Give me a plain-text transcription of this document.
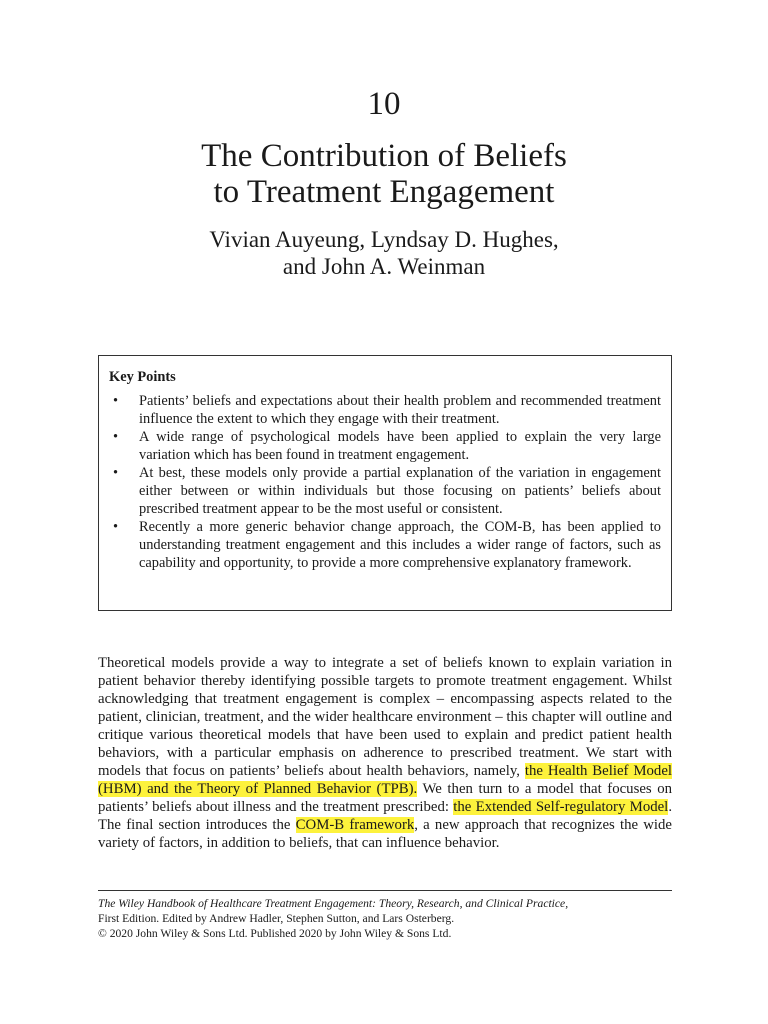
10
The Contribution of Beliefs
to Treatment Engagement
Vivian Auyeung, Lyndsay D. Hughes,
and John A. Weinman
Key Points
• Patients’ beliefs and expectations about their health problem and recommended treatment influence the extent to which they engage with their treatment.
• A wide range of psychological models have been applied to explain the very large variation which has been found in treatment engagement.
• At best, these models only provide a partial explanation of the variation in engagement either between or within individuals but those focusing on patients’ beliefs about prescribed treatment appear to be the most useful or consistent.
• Recently a more generic behavior change approach, the COM-B, has been applied to understanding treatment engagement and this includes a wider range of factors, such as capability and opportunity, to provide a more comprehensive explanatory framework.

Theoretical models provide a way to integrate a set of beliefs known to explain variation in patient behavior thereby identifying possible targets to promote treatment engagement. Whilst acknowledging that treatment engagement is complex – encompassing aspects related to the patient, clinician, treatment, and the wider healthcare environment – this chapter will outline and critique various theoretical models that have been used to explain and predict patient health behaviors, with a particular emphasis on adherence to prescribed treatment. We start with models that focus on patients’ beliefs about health behaviors, namely, the Health Belief Model (HBM) and the Theory of Planned Behavior (TPB). We then turn to a model that focuses on patients’ beliefs about illness and the treatment prescribed: the Extended Self-regulatory Model. The final section introduces the COM-B framework, a new approach that recognizes the wide variety of factors, in addition to beliefs, that can influence behavior.

The Wiley Handbook of Healthcare Treatment Engagement: Theory, Research, and Clinical Practice,
First Edition. Edited by Andrew Hadler, Stephen Sutton, and Lars Osterberg.
© 2020 John Wiley & Sons Ltd. Published 2020 by John Wiley & Sons Ltd.
